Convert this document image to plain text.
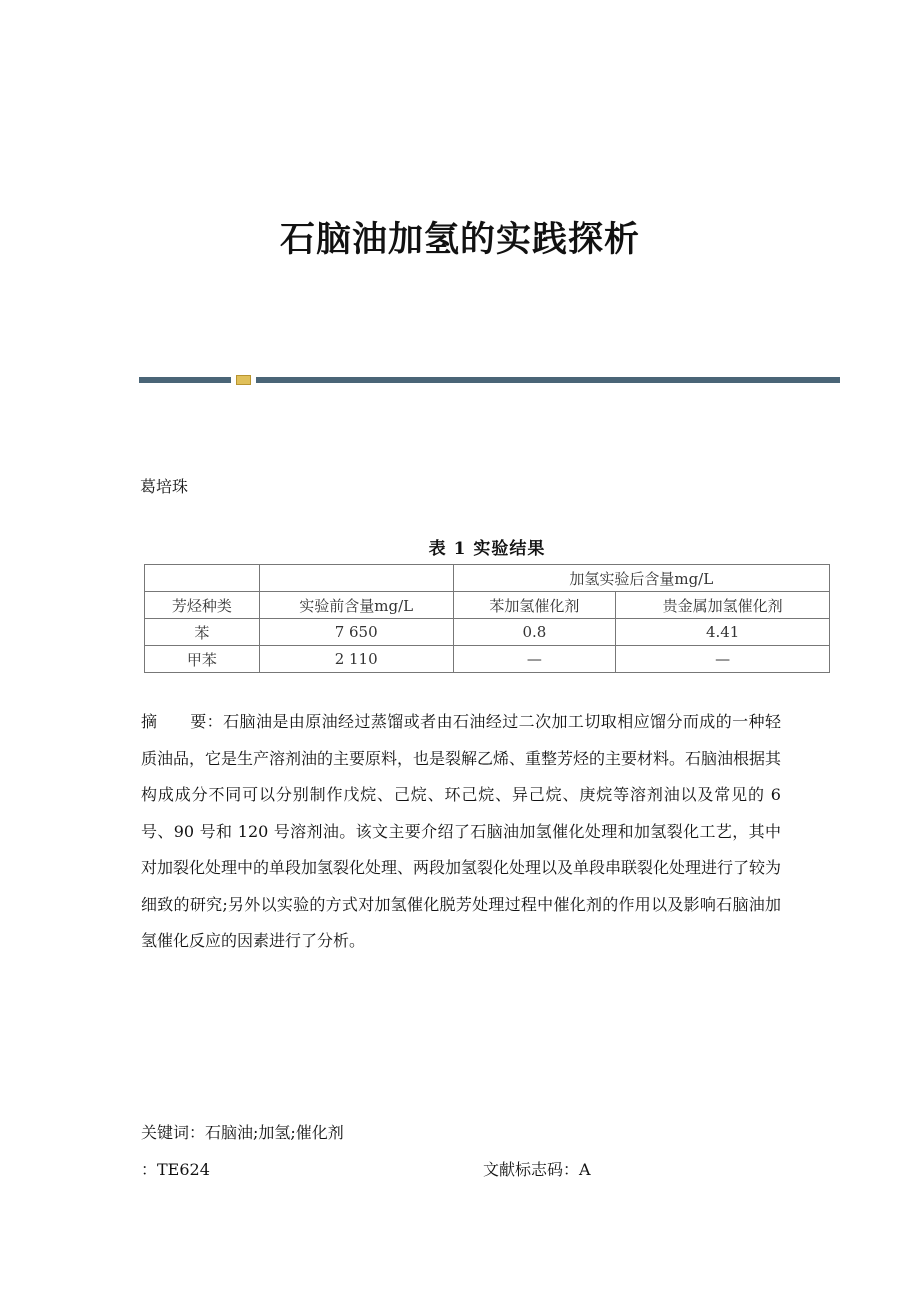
石脑油加氢的实践探析
葛培珠
表 1 实验结果
		加氢实验后含量mg/L	
芳烃种类	实验前含量mg/L	苯加氢催化剂	贵金属加氢催化剂
苯	7 650	0.8	4.41
甲苯	2 110	—	—
摘　　要：石脑油是由原油经过蒸馏或者由石油经过二次加工切取相应馏分而成的一种轻质油品，它是生产溶剂油的主要原料，也是裂解乙烯、重整芳烃的主要材料。石脑油根据其构成成分不同可以分别制作戊烷、己烷、环己烷、异己烷、庚烷等溶剂油以及常见的 6 号、90 号和 120 号溶剂油。该文主要介绍了石脑油加氢催化处理和加氢裂化工艺，其中对加裂化处理中的单段加氢裂化处理、两段加氢裂化处理以及单段串联裂化处理进行了较为细致的研究;另外以实验的方式对加氢催化脱芳处理过程中催化剂的作用以及影响石脑油加氢催化反应的因素进行了分析。
关键词：石脑油;加氢;催化剂
：TE624	文献标志码：A
